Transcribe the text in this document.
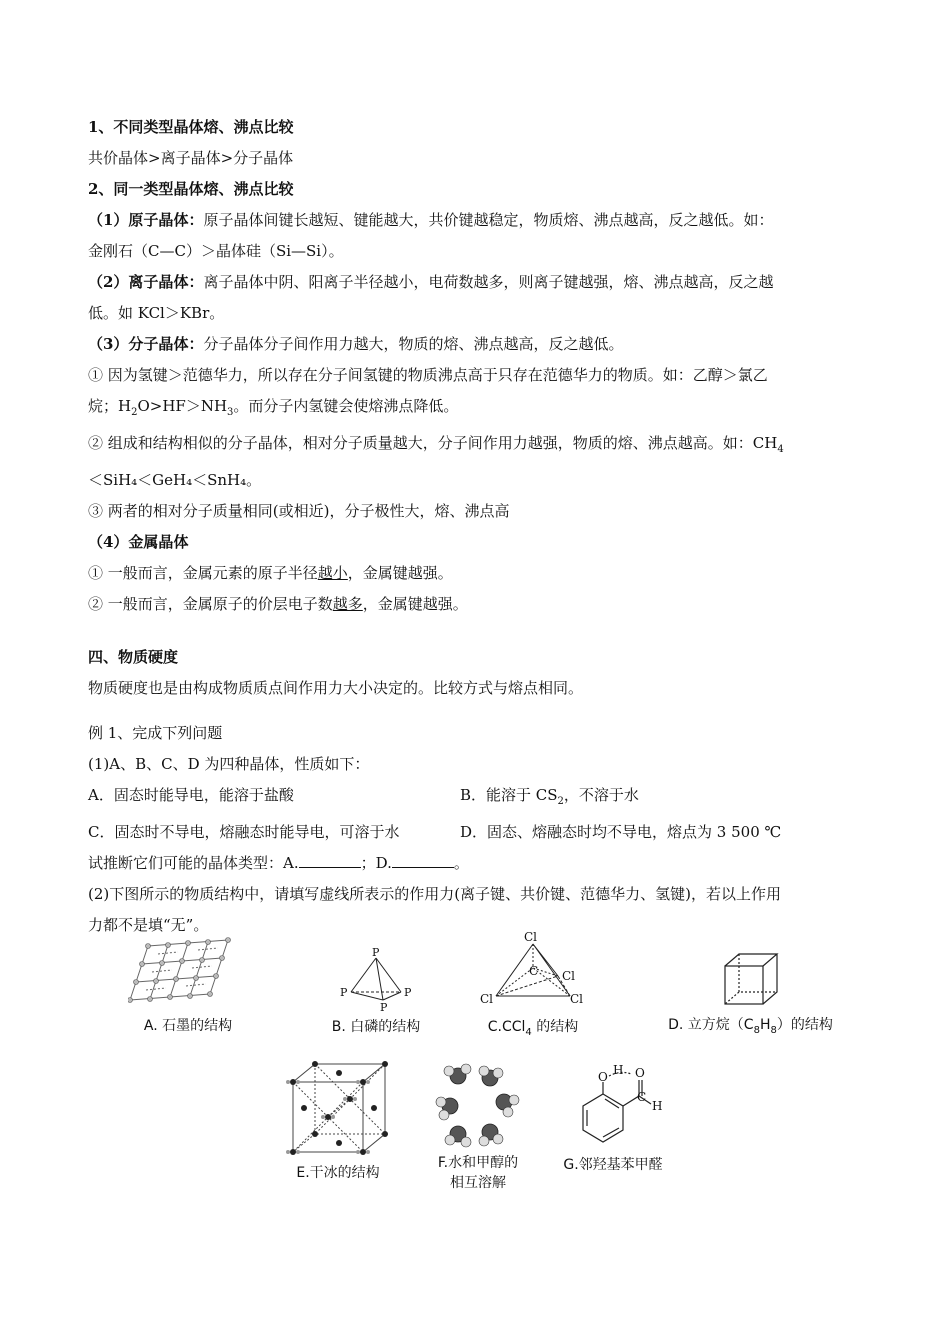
1、不同类型晶体熔、沸点比较
共价晶体>离子晶体>分子晶体
2、同一类型晶体熔、沸点比较
（1）原子晶体：原子晶体间键长越短、键能越大，共价键越稳定，物质熔、沸点越高，反之越低。如：
金刚石（C—C）＞晶体硅（Si—Si）。
（2）离子晶体：离子晶体中阴、阳离子半径越小，电荷数越多，则离子键越强，熔、沸点越高，反之越
低。如 KCl＞KBr。
（3）分子晶体：分子晶体分子间作用力越大，物质的熔、沸点越高，反之越低。
① 因为氢键＞范德华力，所以存在分子间氢键的物质沸点高于只存在范德华力的物质。如：乙醇＞氯乙
烷；$H_2O>HF>NH_3$。而分子内氢键会使熔沸点降低。
② 组成和结构相似的分子晶体，相对分子质量越大，分子间作用力越强，物质的熔、沸点越高。如：$CH_4$
＜SiH₄＜GeH₄＜SnH₄。
③ 两者的相对分子质量相同(或相近)，分子极性大，熔、沸点高
（4）金属晶体
① 一般而言，金属元素的原子半径越小，金属键越强。
② 一般而言，金属原子的价层电子数越多，金属键越强。
四、物质硬度
物质硬度也是由构成物质质点间作用力大小决定的。比较方式与熔点相同。
例 1、完成下列问题
(1)A、B、C、D 为四种晶体，性质如下：
A．固态时能导电，能溶于盐酸	B．能溶于 $CS_2$，不溶于水
C．固态时不导电，熔融态时能导电，可溶于水	D．固态、熔融态时均不导电，熔点为 3 500 ℃
试推断它们可能的晶体类型：A.	；D.	。
(2)下图所示的物质结构中，请填写虚线所表示的作用力(离子键、共价键、范德华力、氢键)，若以上作用
力都不是填“无”。
A. 石墨的结构
P
P	P
P
B. 白磷的结构
Cl
C Cl
Cl	Cl
C.CCl$_4$ 的结构	D. 立方烷$(C_8H_8)$的结构
E.干冰的结构
F.水和甲醇的
相互溶解
O H O
C
H
G.邻羟基苯甲醛
